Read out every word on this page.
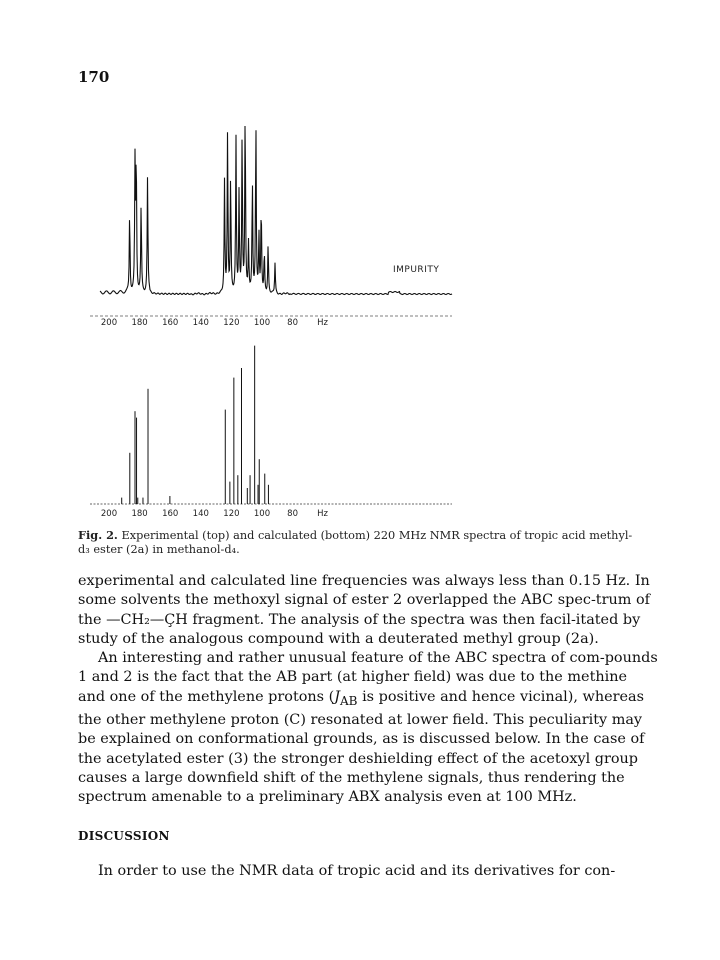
170
200 180 160 140 120 100 80 Hz
IMPURITY
200 180 160 140 120 100 80 Hz
Fig. 2. Experimental (top) and calculated (bottom) 220 MHz NMR spectra of tropic acid methyl-d₃ ester (2a) in methanol-d₄.

experimental and calculated line frequencies was always less than 0.15 Hz. In some solvents the methoxyl signal of ester 2 overlapped the ABC spec-trum of the —CH₂—ÇH fragment. The analysis of the spectra was then facil-itated by study of the analogous compound with a deuterated methyl group (2a).

An interesting and rather unusual feature of the ABC spectra of com-pounds 1 and 2 is the fact that the AB part (at higher field) was due to the methine and one of the methylene protons ($J_{AB}$ is positive and hence vicinal), whereas the other methylene proton (C) resonated at lower field. This peculiarity may be explained on conformational grounds, as is discussed below. In the case of the acetylated ester (3) the stronger deshielding effect of the acetoxyl group causes a large downfield shift of the methylene signals, thus rendering the spectrum amenable to a preliminary ABX analysis even at 100 MHz.

DISCUSSION
In order to use the NMR data of tropic acid and its derivatives for con-
